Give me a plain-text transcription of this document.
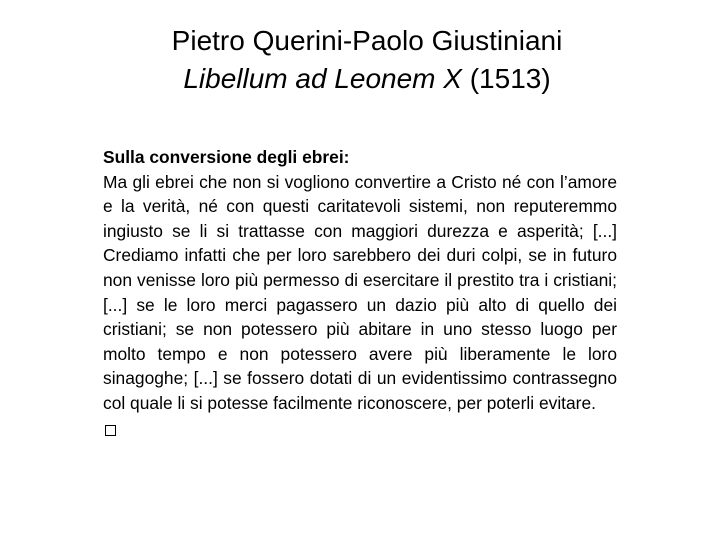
Pietro Querini-Paolo Giustiniani
Libellum ad Leonem X (1513)
Sulla conversione degli ebrei:
Ma gli ebrei che non si vogliono convertire a Cristo né con l’amore e la verità, né con questi caritatevoli sistemi, non reputeremmo ingiusto se li si trattasse con maggiori durezza e asperità; [...] Crediamo infatti che per loro sarebbero dei duri colpi, se in futuro non venisse loro più permesso di esercitare il prestito tra i cristiani; [...] se le loro merci pagassero un dazio più alto di quello dei cristiani; se non potessero più abitare in uno stesso luogo per molto tempo e non potessero avere più liberamente le loro sinagoghe; [...] se fossero dotati di un evidentissimo contrassegno col quale li si potesse facilmente riconoscere, per poterli evitare.
